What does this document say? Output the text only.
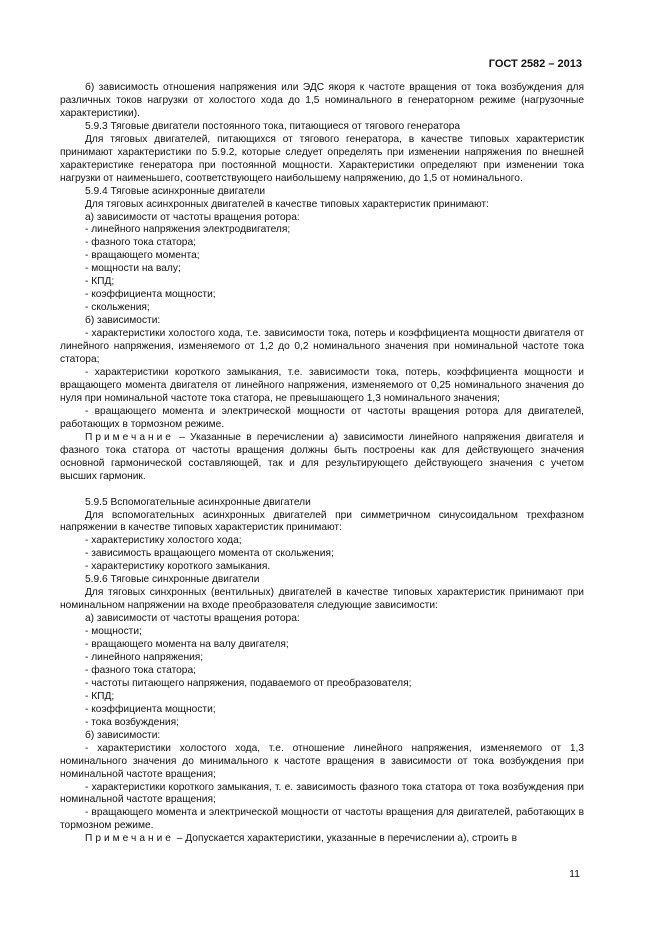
ГОСТ 2582 – 2013

б) зависимость отношения напряжения или ЭДС якоря к частоте вращения от тока возбуждения для различных токов нагрузки от холостого хода до 1,5 номинального в генераторном режиме (нагрузочные характеристики).

5.9.3 Тяговые двигатели постоянного тока, питающиеся от тягового генератора

Для тяговых двигателей, питающихся от тягового генератора, в качестве типовых характеристик принимают характеристики по 5.9.2, которые следует определять при изменении напряжения по внешней характеристике генератора при постоянной мощности. Характеристики определяют при изменении тока нагрузки от наименьшего, соответствующего наибольшему напряжению, до 1,5 от номинального.

5.9.4 Тяговые асинхронные двигатели

Для тяговых асинхронных двигателей в качестве типовых характеристик принимают:

а) зависимости от частоты вращения ротора:

- линейного напряжения электродвигателя;

- фазного тока статора;

- вращающего момента;

- мощности на валу;

- КПД;

- коэффициента мощности;

- скольжения;

б) зависимости:

- характеристики холостого хода, т.е. зависимости тока, потерь и коэффициента мощности двигателя от линейного напряжения, изменяемого от 1,2 до 0,2 номинального значения при номинальной частоте тока статора;

- характеристики короткого замыкания, т.е. зависимости тока, потерь, коэффициента мощности и вращающего момента двигателя от линейного напряжения, изменяемого от 0,25 номинального значения до нуля при номинальной частоте тока статора, не превышающего 1,3 номинального значения;

- вращающего момента и электрической мощности от частоты вращения ротора для двигателей, работающих в тормозном режиме.

Примечание – Указанные в перечислении а) зависимости линейного напряжения двигателя и фазного тока статора от частоты вращения должны быть построены как для действующего значения основной гармонической составляющей, так и для результирующего действующего значения с учетом высших гармоник.

5.9.5 Вспомогательные асинхронные двигатели

Для вспомогательных асинхронных двигателей при симметричном синусоидальном трехфазном напряжении в качестве типовых характеристик принимают:

- характеристику холостого хода;

- зависимость вращающего момента от скольжения;

- характеристику короткого замыкания.

5.9.6 Тяговые синхронные двигатели

Для тяговых синхронных (вентильных) двигателей в качестве типовых характеристик принимают при номинальном напряжении на входе преобразователя следующие зависимости:

а) зависимости от частоты вращения ротора:

- мощности;

- вращающего момента на валу двигателя;

- линейного напряжения;

- фазного тока статора;

- частоты питающего напряжения, подаваемого от преобразователя;

- КПД;

- коэффициента мощности;

- тока возбуждения;

б) зависимости:

- характеристики холостого хода, т.е. отношение линейного напряжения, изменяемого от 1,3 номинального значения до минимального к частоте вращения в зависимости от тока возбуждения при номинальной частоте вращения;

- характеристики короткого замыкания, т. е. зависимость фазного тока статора от тока возбуждения при номинальной частоте вращения;

- вращающего момента и электрической мощности от частоты вращения для двигателей, работающих в тормозном режиме.

Примечание – Допускается характеристики, указанные в перечислении а), строить в

11
